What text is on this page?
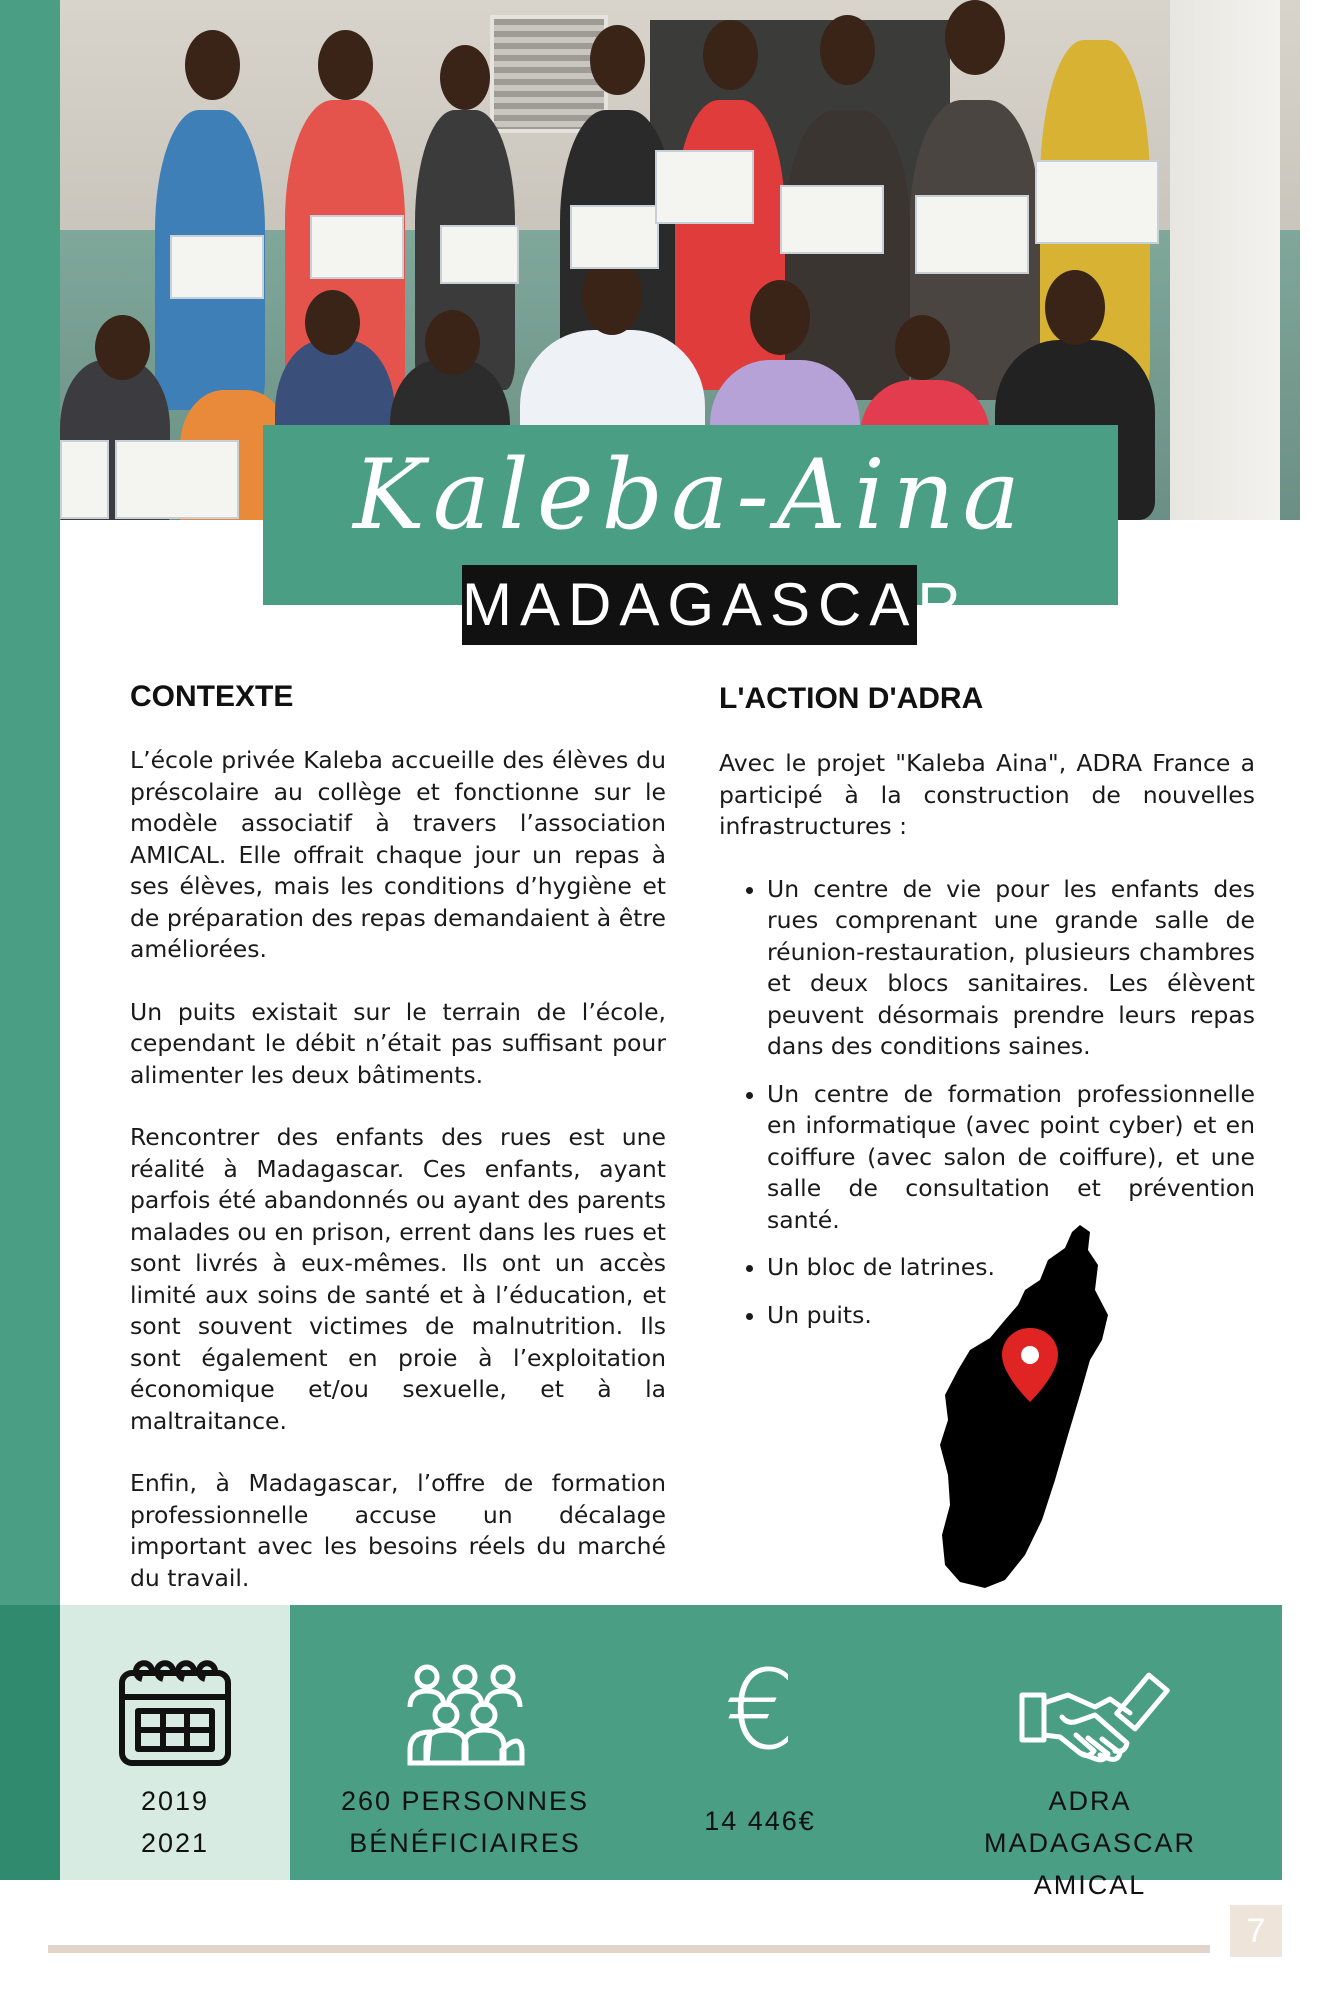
Kaleba-Aina
MADAGASCAR
CONTEXTE

L’école privée Kaleba accueille des élèves du préscolaire au collège et fonctionne sur le modèle associatif à travers l’association AMICAL. Elle offrait chaque jour un repas à ses élèves, mais les conditions d’hygiène et de préparation des repas demandaient à être améliorées.

Un puits existait sur le terrain de l’école, cependant le débit n’était pas suffisant pour alimenter les deux bâtiments.

Rencontrer des enfants des rues est une réalité à Madagascar. Ces enfants, ayant parfois été abandonnés ou ayant des parents malades ou en prison, errent dans les rues et sont livrés à eux-mêmes. Ils ont un accès limité aux soins de santé et à l’éducation, et sont souvent victimes de malnutrition. Ils sont également en proie à l’exploitation économique et/ou sexuelle, et à la maltraitance.

Enfin, à Madagascar, l’offre de formation professionnelle accuse un décalage important avec les besoins réels du marché du travail.

L'ACTION D'ADRA

Avec le projet "Kaleba Aina", ADRA France a participé à la construction de nouvelles infrastructures :

• Un centre de vie pour les enfants des rues comprenant une grande salle de réunion-restauration, plusieurs chambres et deux blocs sanitaires. Les élèvent peuvent désormais prendre leurs repas dans des conditions saines.
• Un centre de formation professionnelle en informatique (avec point cyber) et en coiffure (avec salon de coiffure), et une salle de consultation et prévention santé.
• Un bloc de latrines.
• Un puits.
2019
2021
260 PERSONNES
BÉNÉFICIAIRES
€
14 446€
ADRA MADAGASCAR
AMICAL
7
